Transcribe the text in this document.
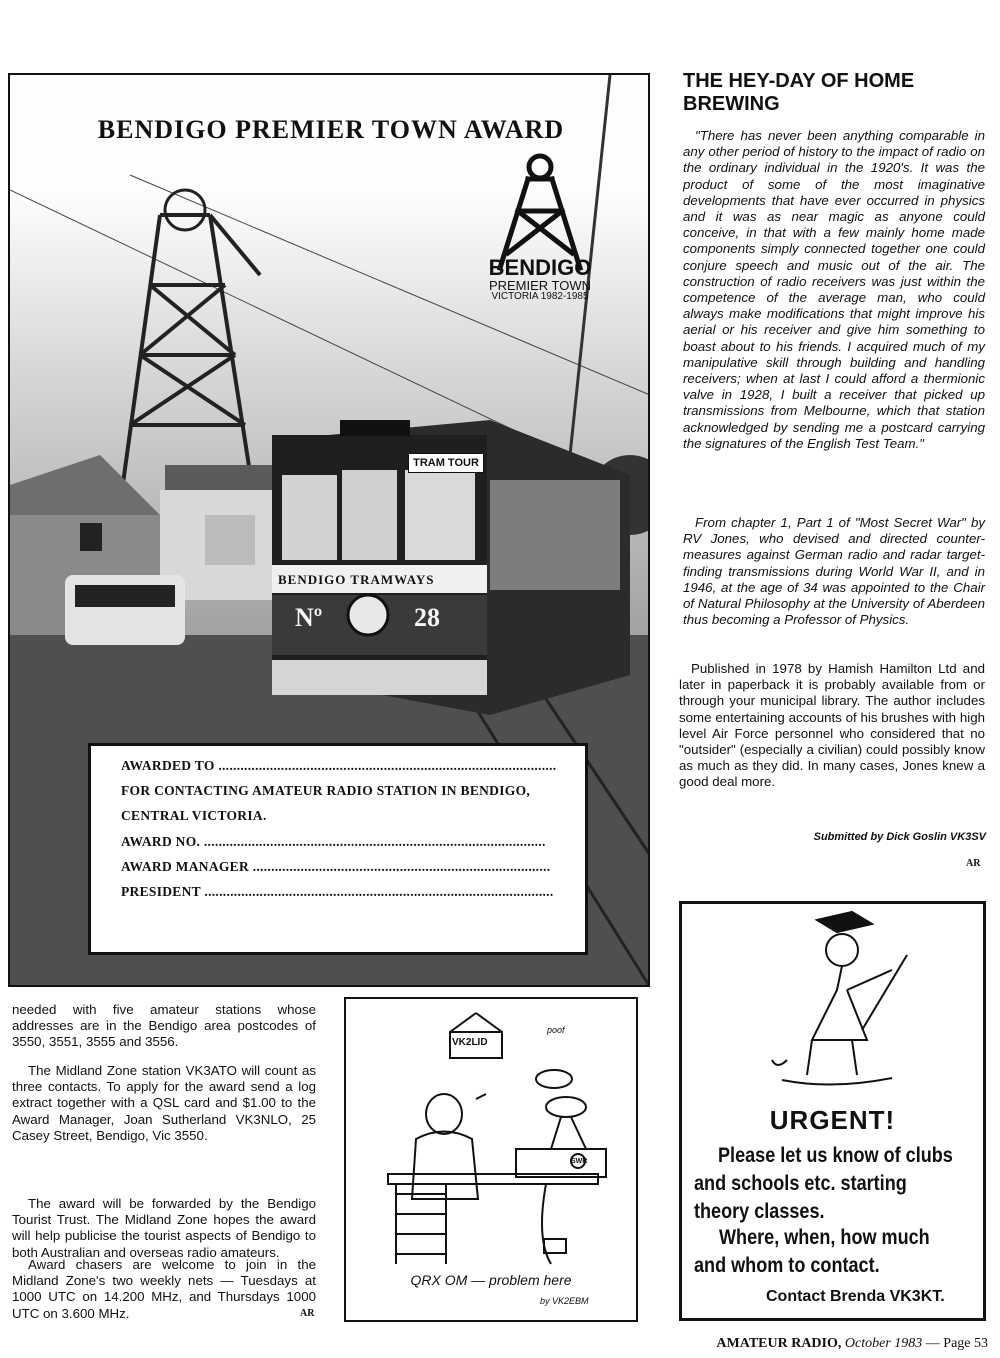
BENDIGO PREMIER TOWN AWARD
BENDIGO
PREMIER TOWN
VICTORIA 1982-1985
TRAM TOUR
BENDIGO TRAMWAYS
Nº	28
AWARDED TO ............................................................................................
FOR CONTACTING AMATEUR RADIO STATION IN BENDIGO,
CENTRAL VICTORIA.
AWARD NO. .............................................................................................
AWARD MANAGER .................................................................................
PRESIDENT ...............................................................................................
needed with five amateur stations whose addresses are in the Bendigo area postcodes of 3550, 3551, 3555 and 3556.
The Midland Zone station VK3ATO will count as three contacts. To apply for the award send a log extract together with a QSL card and $1.00 to the Award Manager, Joan Sutherland VK3NLO, 25 Casey Street, Bendigo, Vic 3550.
The award will be forwarded by the Bendigo Tourist Trust. The Midland Zone hopes the award will help publicise the tourist aspects of Bendigo to both Australian and overseas radio amateurs.
Award chasers are welcome to join in the Midland Zone's two weekly nets — Tuesdays at 1000 UTC on 14.200 MHz, and Thursdays 1000 UTC on 3.600 MHz.	AR
VK2LID
poof
SWR
QRX OM — problem here
by VK2EBM
THE HEY-DAY OF HOME BREWING
"There has never been anything comparable in any other period of history to the impact of radio on the ordinary individual in the 1920's. It was the product of some of the most imaginative developments that have ever occurred in physics and it was as near magic as anyone could conceive, in that with a few mainly home made components simply connected together one could conjure speech and music out of the air. The construction of radio receivers was just within the competence of the average man, who could always make modifications that might improve his aerial or his receiver and give him something to boast about to his friends. I acquired much of my manipulative skill through building and handling receivers; when at last I could afford a thermionic valve in 1928, I built a receiver that picked up transmissions from Melbourne, which that station acknowledged by sending me a postcard carrying the signatures of the English Test Team."
From chapter 1, Part 1 of "Most Secret War" by RV Jones, who devised and directed counter-measures against German radio and radar target-finding transmissions during World War II, and in 1946, at the age of 34 was appointed to the Chair of Natural Philosophy at the University of Aberdeen thus becoming a Professor of Physics.
Published in 1978 by Hamish Hamilton Ltd and later in paperback it is probably available from or through your municipal library. The author includes some entertaining accounts of his brushes with high level Air Force personnel who considered that no "outsider" (especially a civilian) could possibly know as much as they did. In many cases, Jones knew a good deal more.
Submitted by Dick Goslin VK3SV
AR
URGENT!
Please let us know of clubs
and schools etc. starting
theory classes.
Where, when, how much
and whom to contact.
Contact Brenda VK3KT.
AMATEUR RADIO, October 1983 — Page 53
